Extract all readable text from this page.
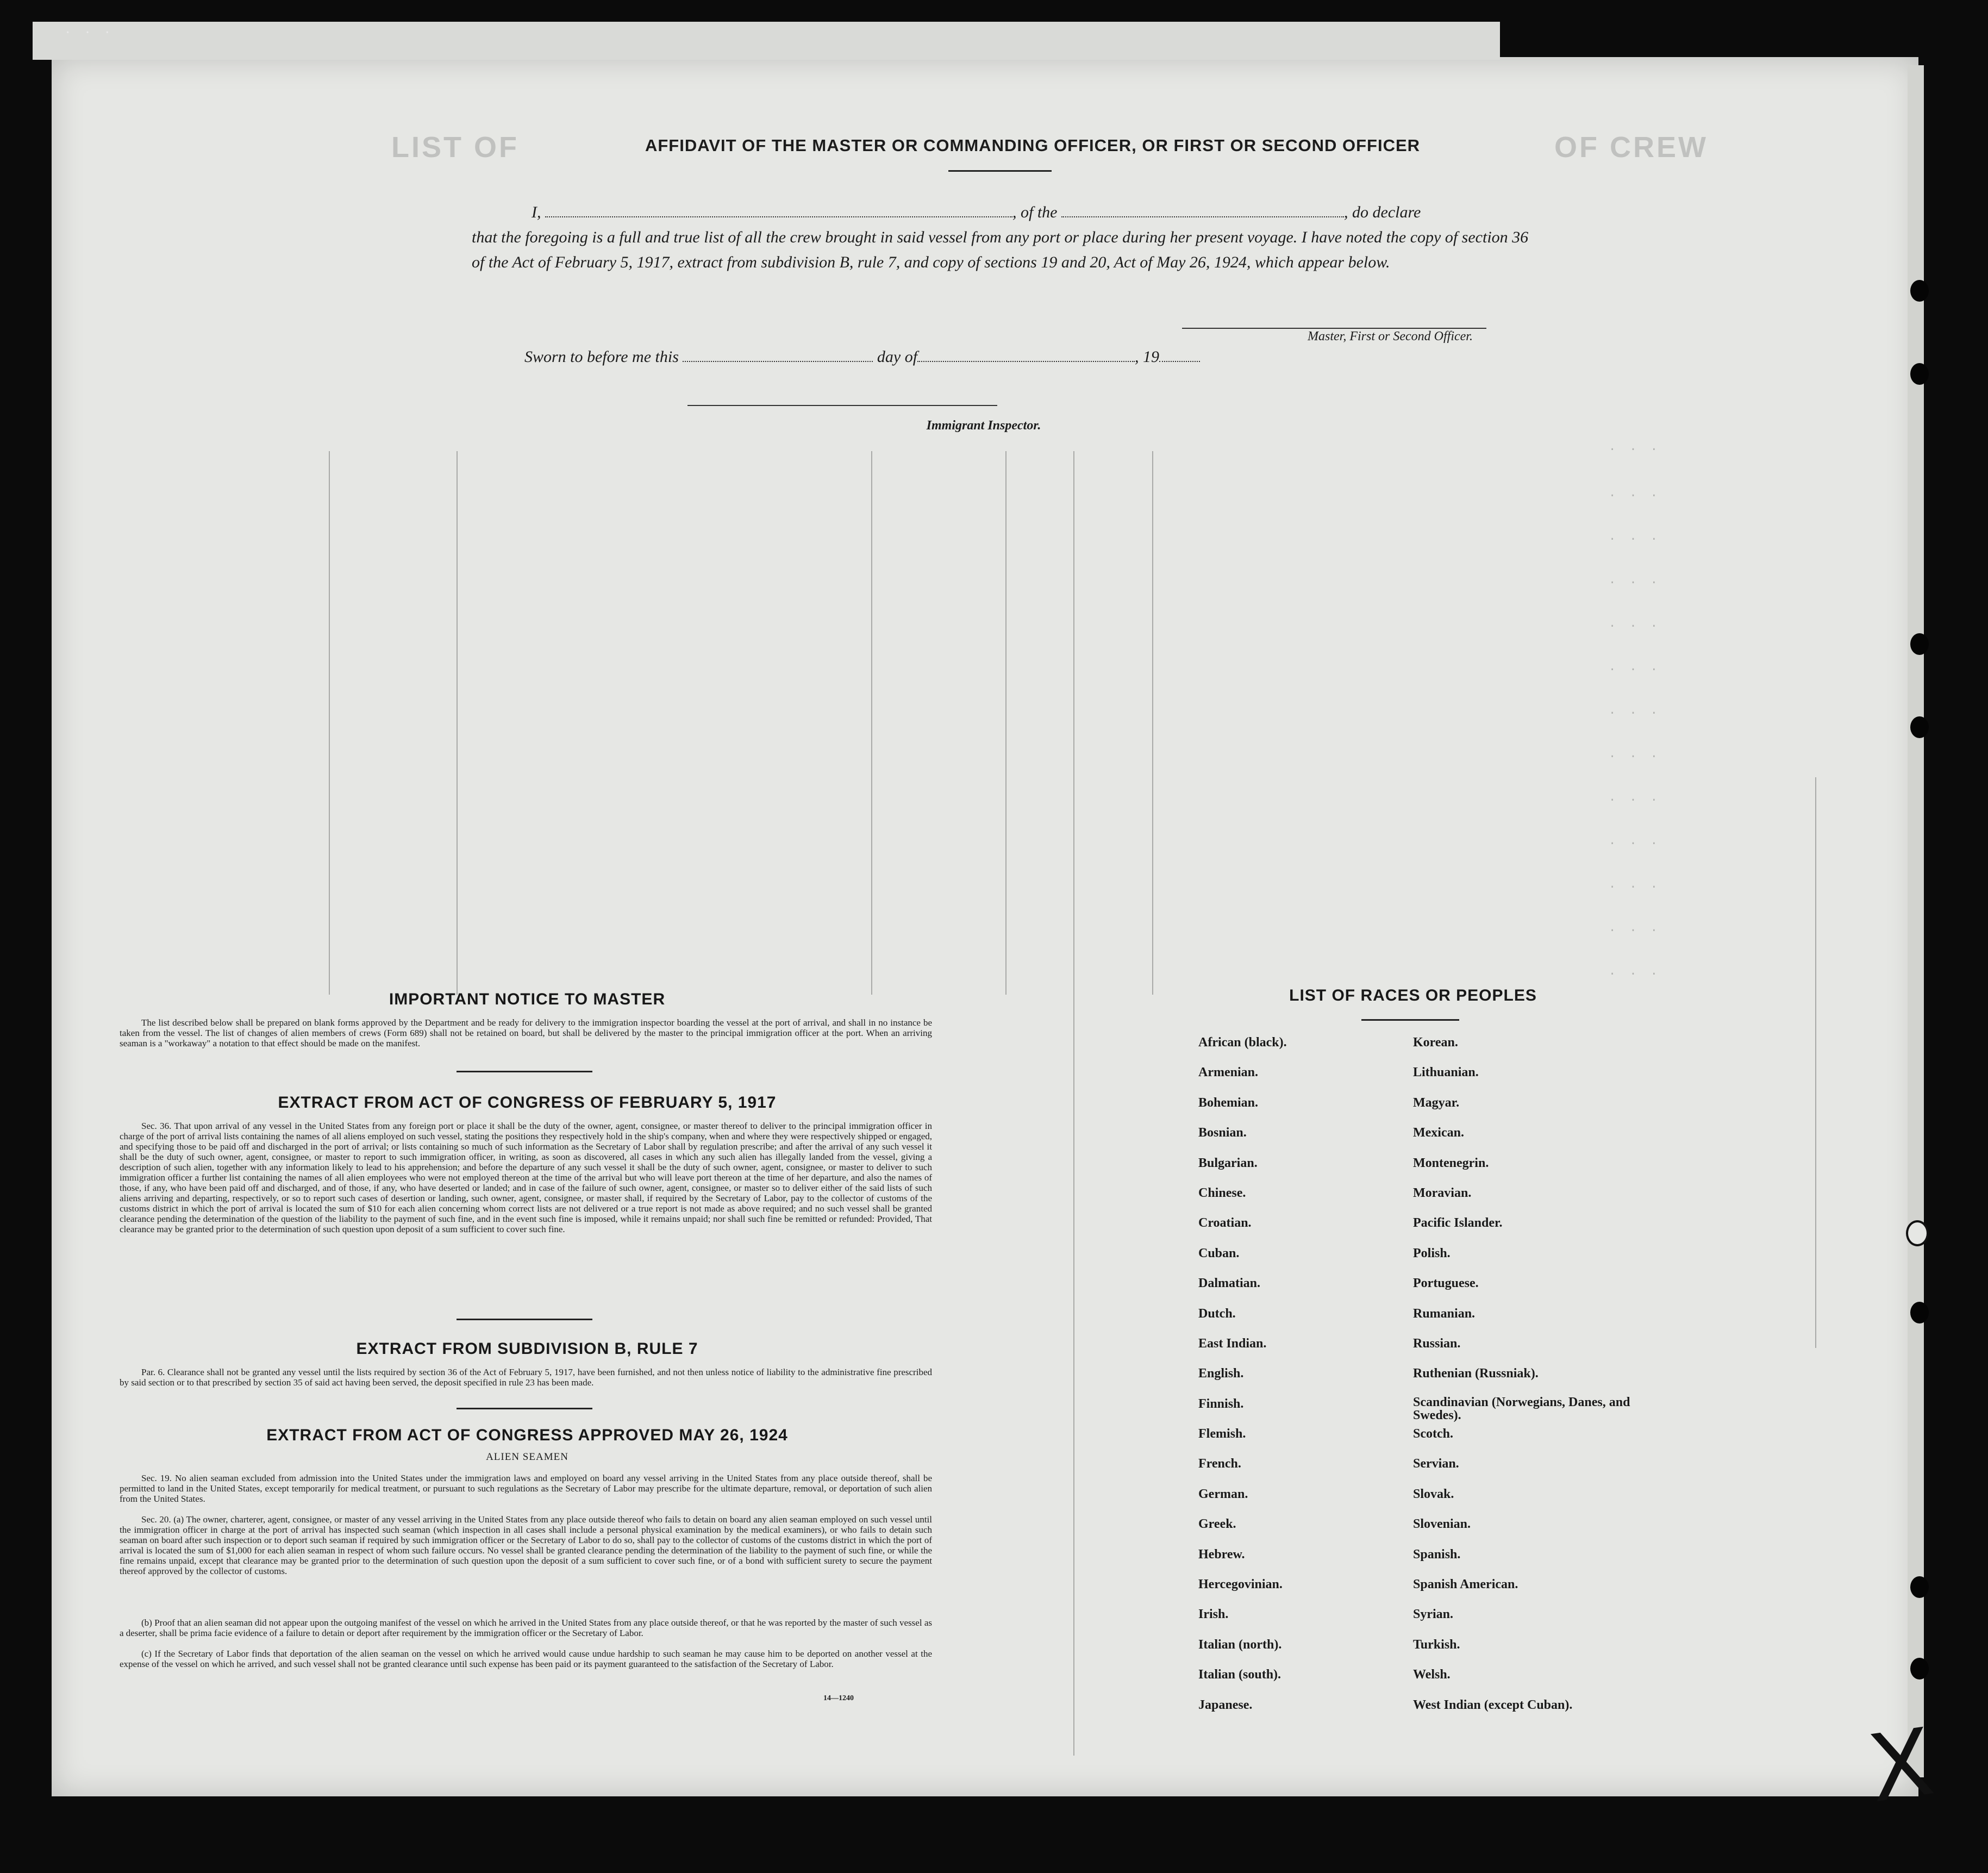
· · ·
OF CREW
LIST OF
. . .
. . .
. . .
. . .
. . .
. . .
. . .
. . .
. . .
. . .
. . .
. . .
. . .
AFFIDAVIT OF THE MASTER OR COMMANDING OFFICER, OR FIRST OR SECOND OFFICER
I,	, of the	, do declare
that the foregoing is a full and true list of all the crew brought in said vessel from any port or place during her present voyage. I have noted the copy of section 36 of the Act of February 5, 1917, extract from subdivision B, rule 7, and copy of sections 19 and 20, Act of May 26, 1924, which appear below.
Master, First or Second Officer.
Sworn to before me this	day of	, 19
Immigrant Inspector.
IMPORTANT NOTICE TO MASTER
The list described below shall be prepared on blank forms approved by the Department and be ready for delivery to the immigration inspector boarding the vessel at the port of arrival, and shall in no instance be taken from the vessel. The list of changes of alien members of crews (Form 689) shall not be retained on board, but shall be delivered by the master to the principal immigration officer at the port. When an arriving seaman is a "workaway" a notation to that effect should be made on the manifest.
EXTRACT FROM ACT OF CONGRESS OF FEBRUARY 5, 1917
Sec. 36. That upon arrival of any vessel in the United States from any foreign port or place it shall be the duty of the owner, agent, consignee, or master thereof to deliver to the principal immigration officer in charge of the port of arrival lists containing the names of all aliens employed on such vessel, stating the positions they respectively hold in the ship's company, when and where they were respectively shipped or engaged, and specifying those to be paid off and discharged in the port of arrival; or lists containing so much of such information as the Secretary of Labor shall by regulation prescribe; and after the arrival of any such vessel it shall be the duty of such owner, agent, consignee, or master to report to such immigration officer, in writing, as soon as discovered, all cases in which any such alien has illegally landed from the vessel, giving a description of such alien, together with any information likely to lead to his apprehension; and before the departure of any such vessel it shall be the duty of such owner, agent, consignee, or master to deliver to such immigration officer a further list containing the names of all alien employees who were not employed thereon at the time of the arrival but who will leave port thereon at the time of her departure, and also the names of those, if any, who have been paid off and discharged, and of those, if any, who have deserted or landed; and in case of the failure of such owner, agent, consignee, or master so to deliver either of the said lists of such aliens arriving and departing, respectively, or so to report such cases of desertion or landing, such owner, agent, consignee, or master shall, if required by the Secretary of Labor, pay to the collector of customs of the customs district in which the port of arrival is located the sum of $10 for each alien concerning whom correct lists are not delivered or a true report is not made as above required; and no such vessel shall be granted clearance pending the determination of the question of the liability to the payment of such fine, and in the event such fine is imposed, while it remains unpaid; nor shall such fine be remitted or refunded: Provided, That clearance may be granted prior to the determination of such question upon deposit of a sum sufficient to cover such fine.
EXTRACT FROM SUBDIVISION B, RULE 7
Par. 6. Clearance shall not be granted any vessel until the lists required by section 36 of the Act of February 5, 1917, have been furnished, and not then unless notice of liability to the administrative fine prescribed by said section or to that prescribed by section 35 of said act having been served, the deposit specified in rule 23 has been made.
EXTRACT FROM ACT OF CONGRESS APPROVED MAY 26, 1924
ALIEN SEAMEN
Sec. 19. No alien seaman excluded from admission into the United States under the immigration laws and employed on board any vessel arriving in the United States from any place outside thereof, shall be permitted to land in the United States, except temporarily for medical treatment, or pursuant to such regulations as the Secretary of Labor may prescribe for the ultimate departure, removal, or deportation of such alien from the United States.
Sec. 20. (a) The owner, charterer, agent, consignee, or master of any vessel arriving in the United States from any place outside thereof who fails to detain on board any alien seaman employed on such vessel until the immigration officer in charge at the port of arrival has inspected such seaman (which inspection in all cases shall include a personal physical examination by the medical examiners), or who fails to detain such seaman on board after such inspection or to deport such seaman if required by such immigration officer or the Secretary of Labor to do so, shall pay to the collector of customs of the customs district in which the port of arrival is located the sum of $1,000 for each alien seaman in respect of whom such failure occurs. No vessel shall be granted clearance pending the determination of the liability to the payment of such fine, or while the fine remains unpaid, except that clearance may be granted prior to the determination of such question upon the deposit of a sum sufficient to cover such fine, or of a bond with sufficient surety to secure the payment thereof approved by the collector of customs.
(b) Proof that an alien seaman did not appear upon the outgoing manifest of the vessel on which he arrived in the United States from any place outside thereof, or that he was reported by the master of such vessel as a deserter, shall be prima facie evidence of a failure to detain or deport after requirement by the immigration officer or the Secretary of Labor.
(c) If the Secretary of Labor finds that deportation of the alien seaman on the vessel on which he arrived would cause undue hardship to such seaman he may cause him to be deported on another vessel at the expense of the vessel on which he arrived, and such vessel shall not be granted clearance until such expense has been paid or its payment guaranteed to the satisfaction of the Secretary of Labor.
14—1240
LIST OF RACES OR PEOPLES
African (black).	Korean.
Armenian.	Lithuanian.
Bohemian.	Magyar.
Bosnian.	Mexican.
Bulgarian.	Montenegrin.
Chinese.	Moravian.
Croatian.	Pacific Islander.
Cuban.	Polish.
Dalmatian.	Portuguese.
Dutch.	Rumanian.
East Indian.	Russian.
English.	Ruthenian (Russniak).
Finnish.	Scandinavian (Norwegians, Danes, and Swedes).
Flemish.	Scotch.
French.	Servian.
German.	Slovak.
Greek.	Slovenian.
Hebrew.	Spanish.
Hercegovinian.	Spanish American.
Irish.	Syrian.
Italian (north).	Turkish.
Italian (south).	Welsh.
Japanese.	West Indian (except Cuban).
X
